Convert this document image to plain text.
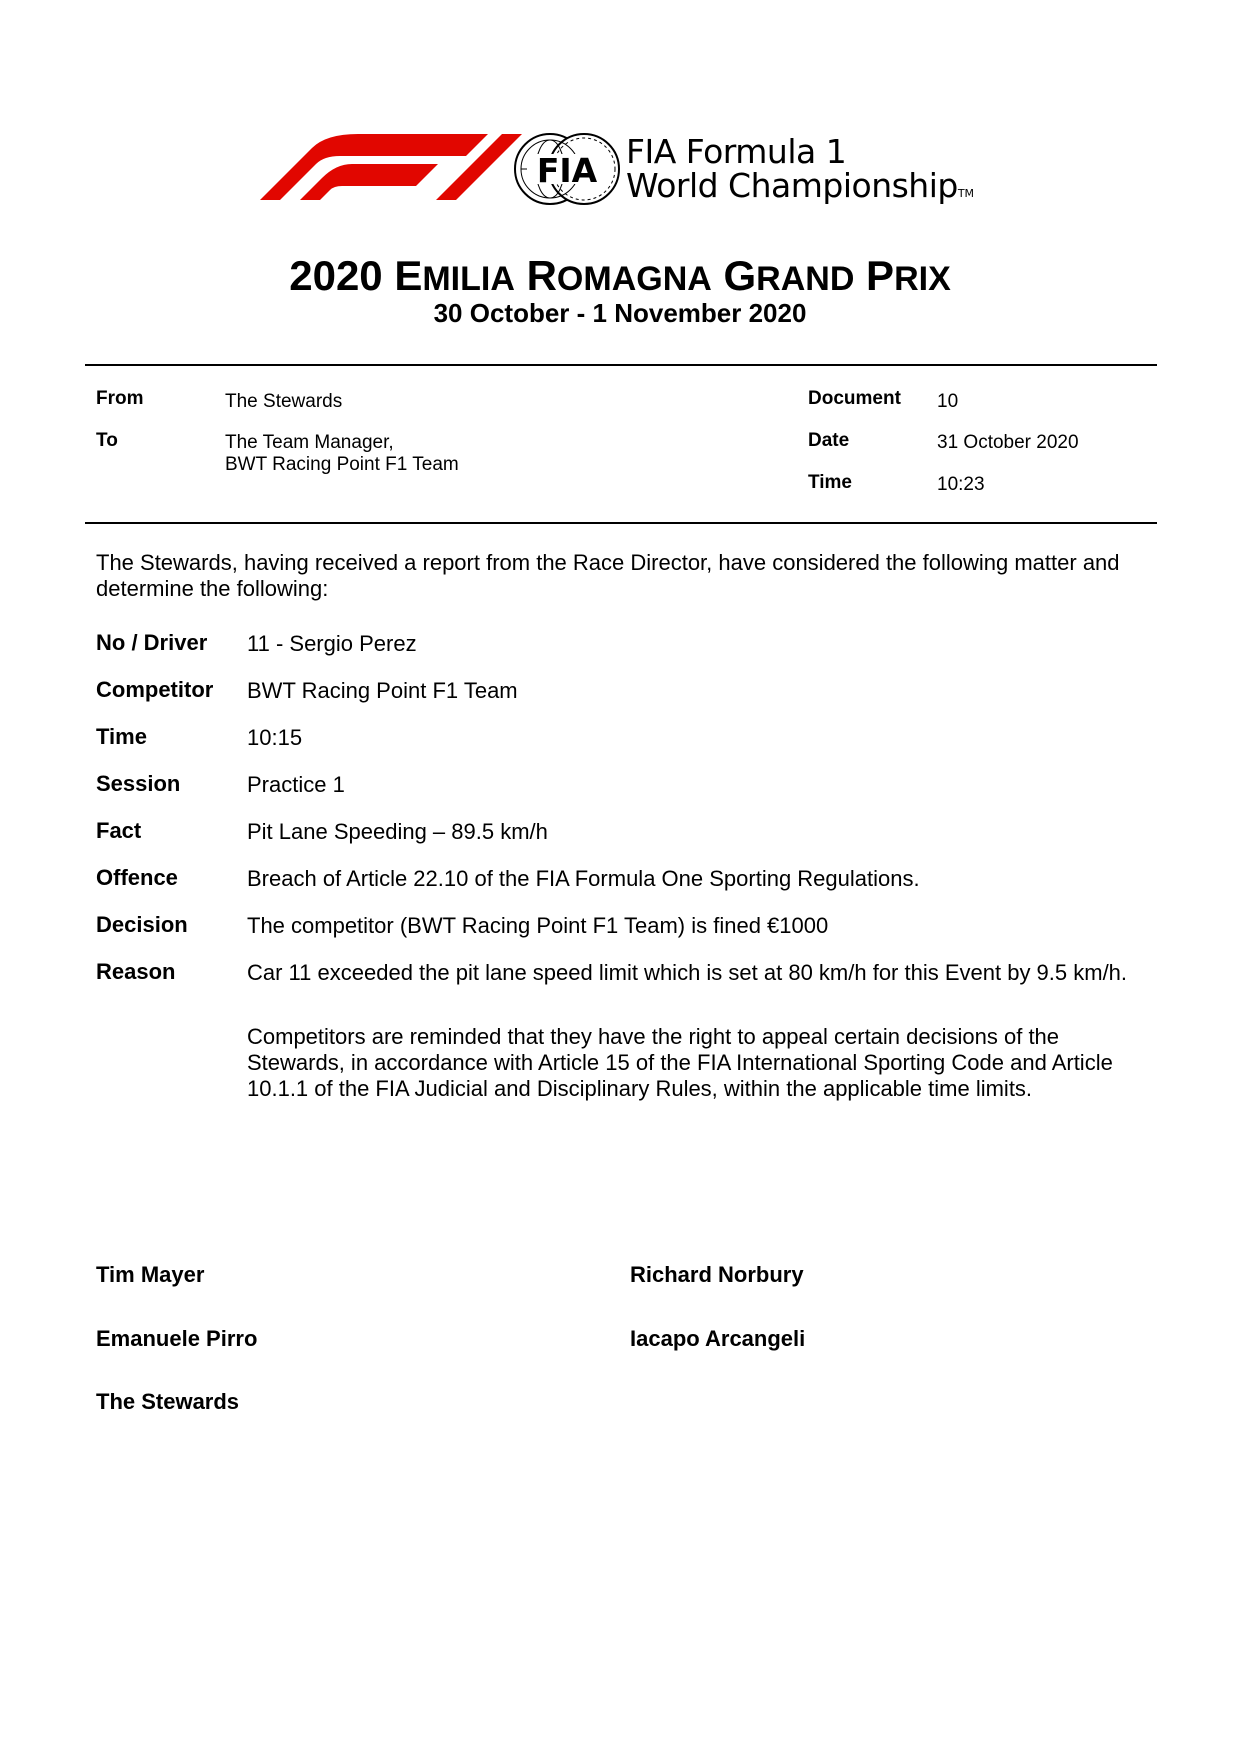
FIA FIA Formula 1
World ChampionshipTM
2020 EMILIA ROMAGNA GRAND PRIX
30 October - 1 November 2020
From	The Stewards
To	The Team Manager,
BWT Racing Point F1 Team
Document 10
Date	31 October 2020
Time	10:23
The Stewards, having received a report from the Race Director, have considered the following matter and determine the following:
No / Driver	11 - Sergio Perez
Competitor	BWT Racing Point F1 Team
Time	10:15
Session	Practice 1
Fact	Pit Lane Speeding – 89.5 km/h
Offence	Breach of Article 22.10 of the FIA Formula One Sporting Regulations.
Decision	The competitor (BWT Racing Point F1 Team) is fined €1000
Reason	Car 11 exceeded the pit lane speed limit which is set at 80 km/h for this Event by 9.5 km/h.
Competitors are reminded that they have the right to appeal certain decisions of the Stewards, in accordance with Article 15 of the FIA International Sporting Code and Article 10.1.1 of the FIA Judicial and Disciplinary Rules, within the applicable time limits.
Tim Mayer	Richard Norbury
Emanuele Pirro	Iacapo Arcangeli
The Stewards
